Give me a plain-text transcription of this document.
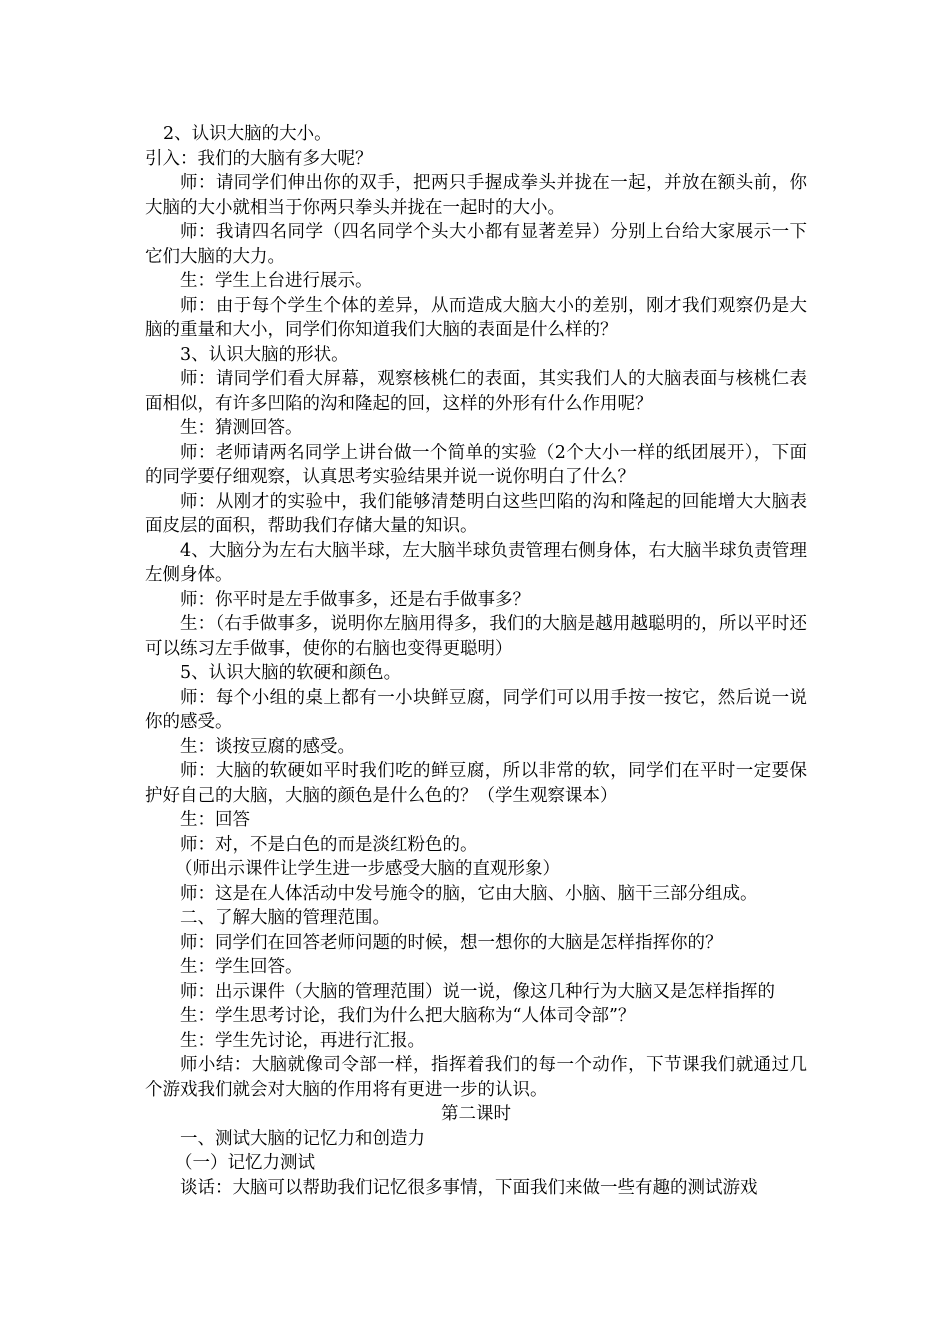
2、认识大脑的大小。

引入：我们的大脑有多大呢？

师：请同学们伸出你的双手，把两只手握成拳头并拢在一起，并放在额头前，你大脑的大小就相当于你两只拳头并拢在一起时的大小。

师：我请四名同学（四名同学个头大小都有显著差异）分别上台给大家展示一下它们大脑的大力。

生：学生上台进行展示。

师：由于每个学生个体的差异，从而造成大脑大小的差别，刚才我们观察仍是大脑的重量和大小，同学们你知道我们大脑的表面是什么样的？

3、认识大脑的形状。

师：请同学们看大屏幕，观察核桃仁的表面，其实我们人的大脑表面与核桃仁表面相似，有许多凹陷的沟和隆起的回，这样的外形有什么作用呢？

生：猜测回答。

师：老师请两名同学上讲台做一个简单的实验（2个大小一样的纸团展开），下面的同学要仔细观察，认真思考实验结果并说一说你明白了什么？

师：从刚才的实验中，我们能够清楚明白这些凹陷的沟和隆起的回能增大大脑表面皮层的面积，帮助我们存储大量的知识。

4、大脑分为左右大脑半球，左大脑半球负责管理右侧身体，右大脑半球负责管理左侧身体。

师：你平时是左手做事多，还是右手做事多？

生：（右手做事多，说明你左脑用得多，我们的大脑是越用越聪明的，所以平时还可以练习左手做事，使你的右脑也变得更聪明）

5、认识大脑的软硬和颜色。

师：每个小组的桌上都有一小块鲜豆腐，同学们可以用手按一按它，然后说一说你的感受。

生：谈按豆腐的感受。

师：大脑的软硬如平时我们吃的鲜豆腐，所以非常的软，同学们在平时一定要保护好自己的大脑，大脑的颜色是什么色的？（学生观察课本）

生：回答

师：对，不是白色的而是淡红粉色的。

（师出示课件让学生进一步感受大脑的直观形象）

师：这是在人体活动中发号施令的脑，它由大脑、小脑、脑干三部分组成。

二、了解大脑的管理范围。

师：同学们在回答老师问题的时候，想一想你的大脑是怎样指挥你的？

生：学生回答。

师：出示课件（大脑的管理范围）说一说，像这几种行为大脑又是怎样指挥的

生：学生思考讨论，我们为什么把大脑称为“人体司令部”？

生：学生先讨论，再进行汇报。

师小结：大脑就像司令部一样，指挥着我们的每一个动作，下节课我们就通过几个游戏我们就会对大脑的作用将有更进一步的认识。

第二课时

一、测试大脑的记忆力和创造力

（一）记忆力测试

谈话：大脑可以帮助我们记忆很多事情，下面我们来做一些有趣的测试游戏
